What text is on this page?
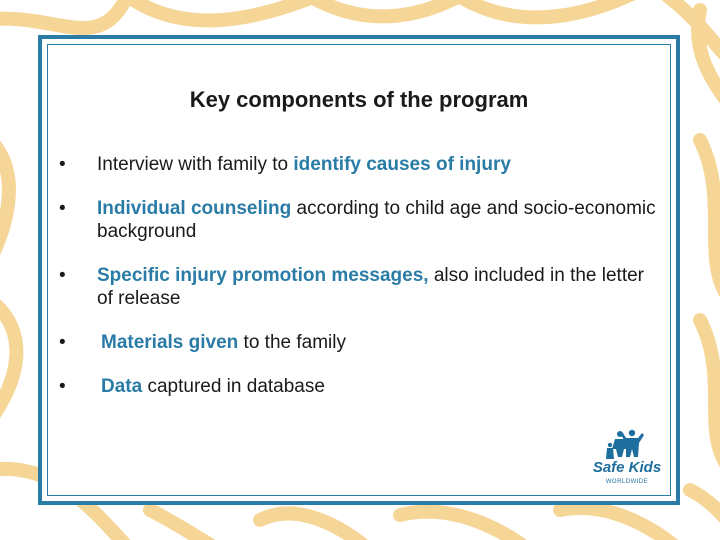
Key components of the program
•	Interview with family to identify causes of injury
•	Individual counseling according to child age and socio-economic background
•	Specific injury promotion messages, also included in the letter of release
•	Materials given to the family
•	Data captured in database
Safe Kids
WORLDWIDE
